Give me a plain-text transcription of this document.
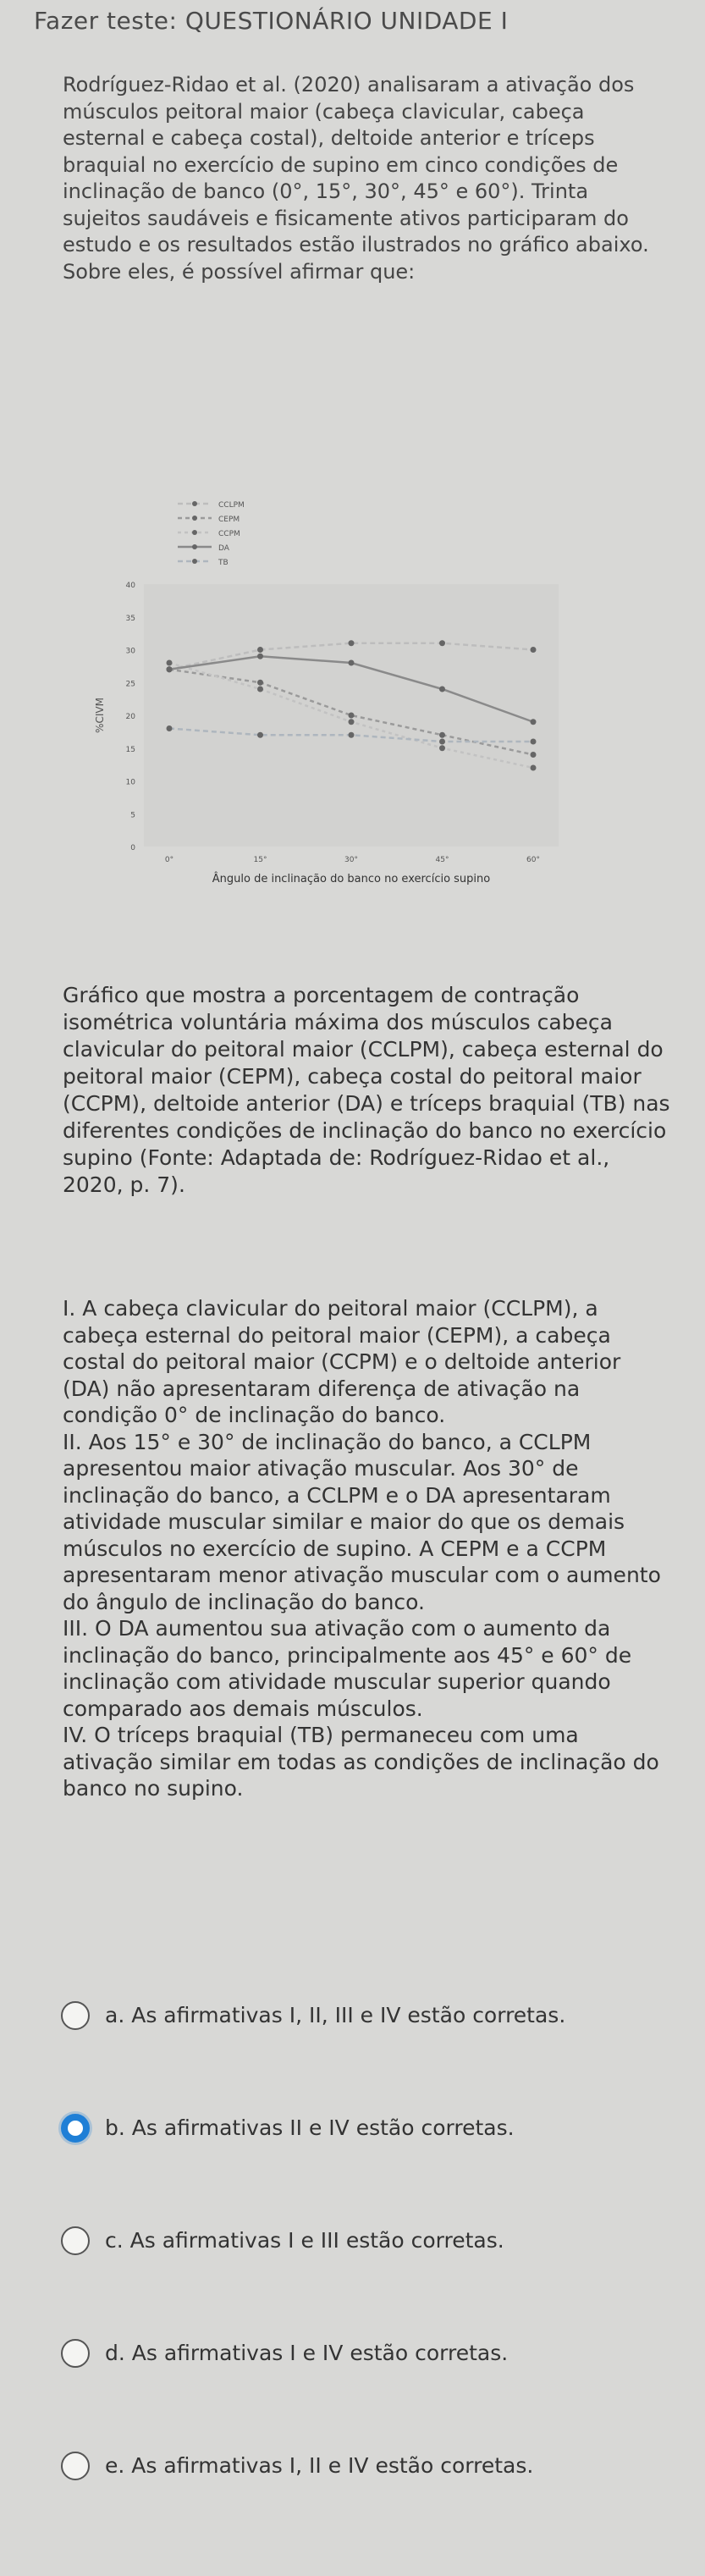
Fazer teste: QUESTIONÁRIO UNIDADE I
Rodríguez-Ridao et al. (2020) analisaram a ativação dos músculos peitoral maior (cabeça clavicular, cabeça esternal e cabeça costal), deltoide anterior e tríceps braquial no exercício de supino em cinco condições de inclinação de banco (0°, 15°, 30°, 45° e 60°). Trinta sujeitos saudáveis e fisicamente ativos participaram do estudo e os resultados estão ilustrados no gráfico abaixo. Sobre eles, é possível afirmar que:
0
5
10
15
20
25
30
35
40
%CIVM
0°	15°	30°	45°	60°
Ângulo de inclinação do banco no exercício supino
CCLPM
CEPM
CCPM
DA
TB
Gráfico que mostra a porcentagem de contração isométrica voluntária máxima dos músculos cabeça clavicular do peitoral maior (CCLPM), cabeça esternal do peitoral maior (CEPM), cabeça costal do peitoral maior (CCPM), deltoide anterior (DA) e tríceps braquial (TB) nas diferentes condições de inclinação do banco no exercício supino (Fonte: Adaptada de: Rodríguez-Ridao et al., 2020, p. 7).

I. A cabeça clavicular do peitoral maior (CCLPM), a cabeça esternal do peitoral maior (CEPM), a cabeça costal do peitoral maior (CCPM) e o deltoide anterior (DA) não apresentaram diferença de ativação na condição 0° de inclinação do banco.

II. Aos 15° e 30° de inclinação do banco, a CCLPM apresentou maior ativação muscular. Aos 30° de inclinação do banco, a CCLPM e o DA apresentaram atividade muscular similar e maior do que os demais músculos no exercício de supino. A CEPM e a CCPM apresentaram menor ativação muscular com o aumento do ângulo de inclinação do banco.

III. O DA aumentou sua ativação com o aumento da inclinação do banco, principalmente aos 45° e 60° de inclinação com atividade muscular superior quando comparado aos demais músculos.

IV. O tríceps braquial (TB) permaneceu com uma ativação similar em todas as condições de inclinação do banco no supino.

a. As afirmativas I, II, III e IV estão corretas.
b. As afirmativas II e IV estão corretas.
c. As afirmativas I e III estão corretas.
d. As afirmativas I e IV estão corretas.
e. As afirmativas I, II e IV estão corretas.
